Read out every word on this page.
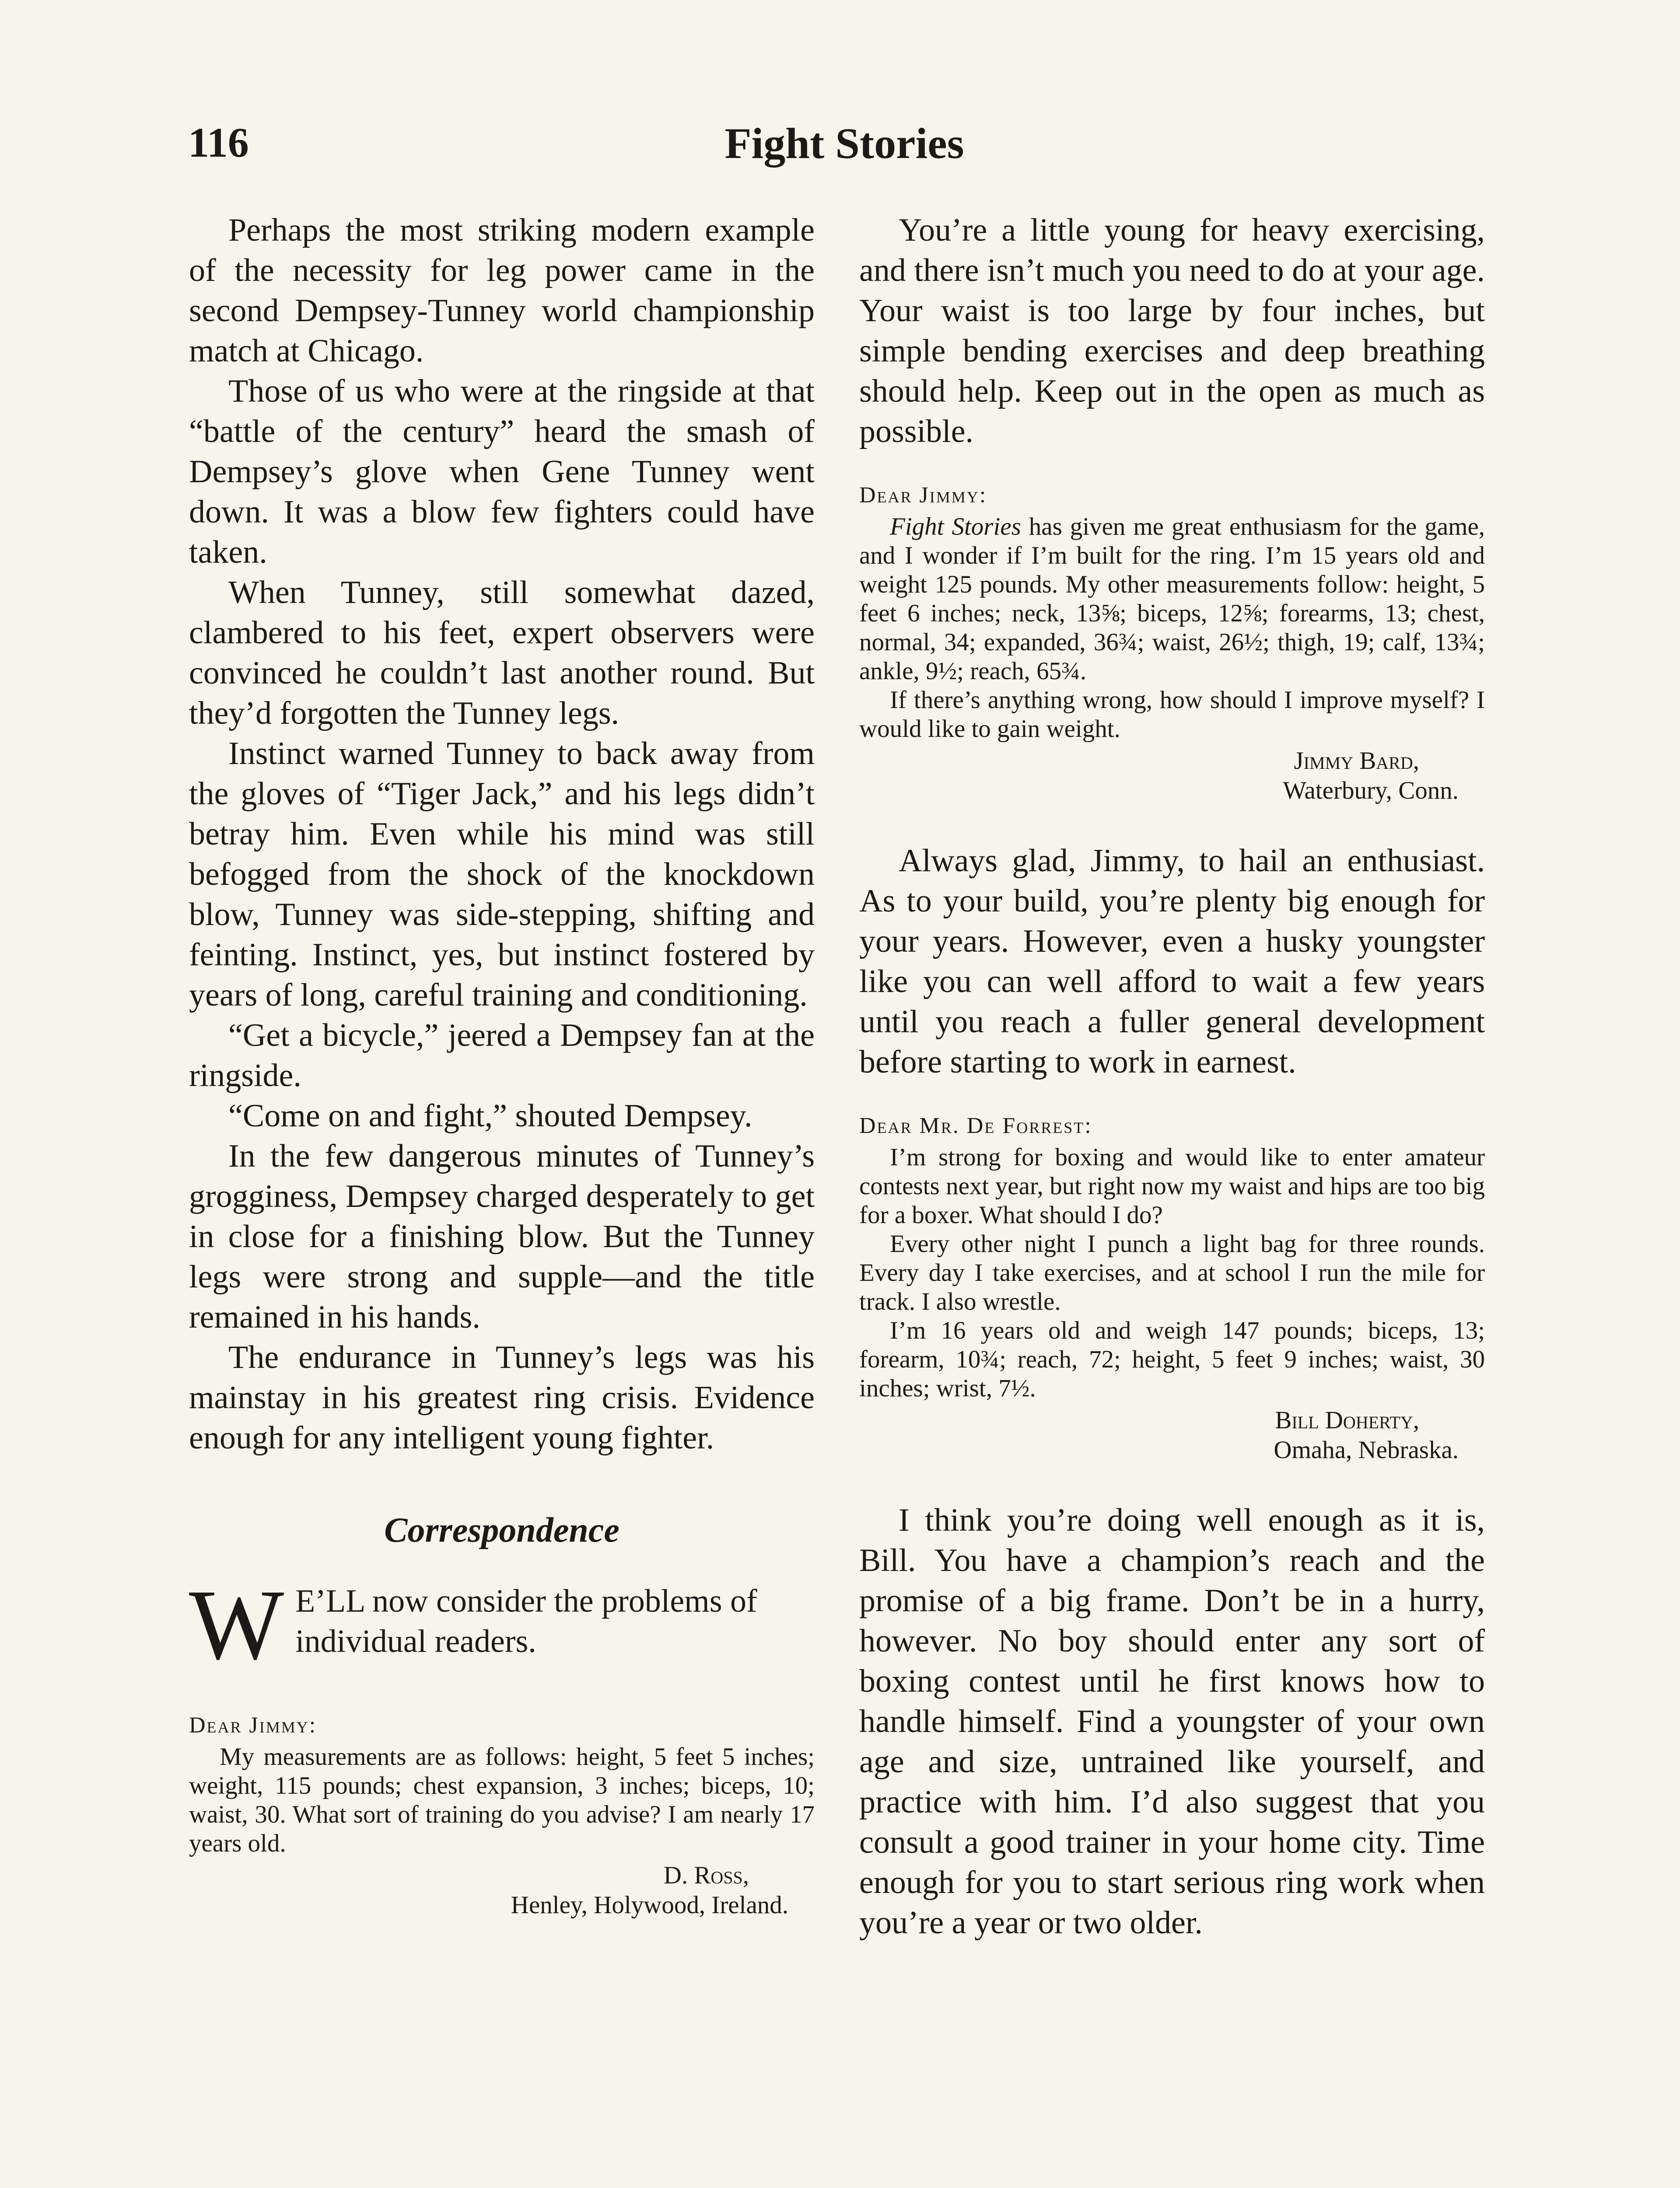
Fight Stories
116

Perhaps the most striking modern example of the necessity for leg power came in the second Dempsey-Tunney world championship match at Chicago.

Those of us who were at the ringside at that “battle of the century” heard the smash of Dempsey’s glove when Gene Tunney went down. It was a blow few fighters could have taken.

When Tunney, still somewhat dazed, clambered to his feet, expert observers were convinced he couldn’t last another round. But they’d forgotten the Tunney legs.

Instinct warned Tunney to back away from the gloves of “Tiger Jack,” and his legs didn’t betray him. Even while his mind was still befogged from the shock of the knockdown blow, Tunney was side-stepping, shifting and feinting. Instinct, yes, but instinct fostered by years of long, careful training and conditioning.

“Get a bicycle,” jeered a Dempsey fan at the ringside.

“Come on and fight,” shouted Dempsey.

In the few dangerous minutes of Tunney’s grogginess, Dempsey charged desperately to get in close for a finishing blow. But the Tunney legs were strong and supple—and the title remained in his hands.

The endurance in Tunney’s legs was his mainstay in his greatest ring crisis. Evidence enough for any intelligent young fighter.

Correspondence
W E’LL now consider the problems of individual readers.
Dear Jimmy:

My measurements are as follows: height, 5 feet 5 inches; weight, 115 pounds; chest expansion, 3 inches; biceps, 10; waist, 30. What sort of training do you advise? I am nearly 17 years old.

D. Ross,
Henley, Holywood, Ireland.

You’re a little young for heavy exercising, and there isn’t much you need to do at your age. Your waist is too large by four inches, but simple bending exercises and deep breathing should help. Keep out in the open as much as possible.

Dear Jimmy:

Fight Stories has given me great enthusiasm for the game, and I wonder if I’m built for the ring. I’m 15 years old and weight 125 pounds. My other measurements follow: height, 5 feet 6 inches; neck, 13⅝; biceps, 12⅝; forearms, 13; chest, normal, 34; expanded, 36¾; waist, 26½; thigh, 19; calf, 13¾; ankle, 9½; reach, 65¾.

If there’s anything wrong, how should I improve myself? I would like to gain weight.

Jimmy Bard,
Waterbury, Conn.

Always glad, Jimmy, to hail an enthusiast. As to your build, you’re plenty big enough for your years. However, even a husky youngster like you can well afford to wait a few years until you reach a fuller general development before starting to work in earnest.

Dear Mr. De Forrest:

I’m strong for boxing and would like to enter amateur contests next year, but right now my waist and hips are too big for a boxer. What should I do?

Every other night I punch a light bag for three rounds. Every day I take exercises, and at school I run the mile for track. I also wrestle.

I’m 16 years old and weigh 147 pounds; biceps, 13; forearm, 10¾; reach, 72; height, 5 feet 9 inches; waist, 30 inches; wrist, 7½.

Bill Doherty,
Omaha, Nebraska.

I think you’re doing well enough as it is, Bill. You have a champion’s reach and the promise of a big frame. Don’t be in a hurry, however. No boy should enter any sort of boxing contest until he first knows how to handle himself. Find a youngster of your own age and size, untrained like yourself, and practice with him. I’d also suggest that you consult a good trainer in your home city. Time enough for you to start serious ring work when you’re a year or two older.
